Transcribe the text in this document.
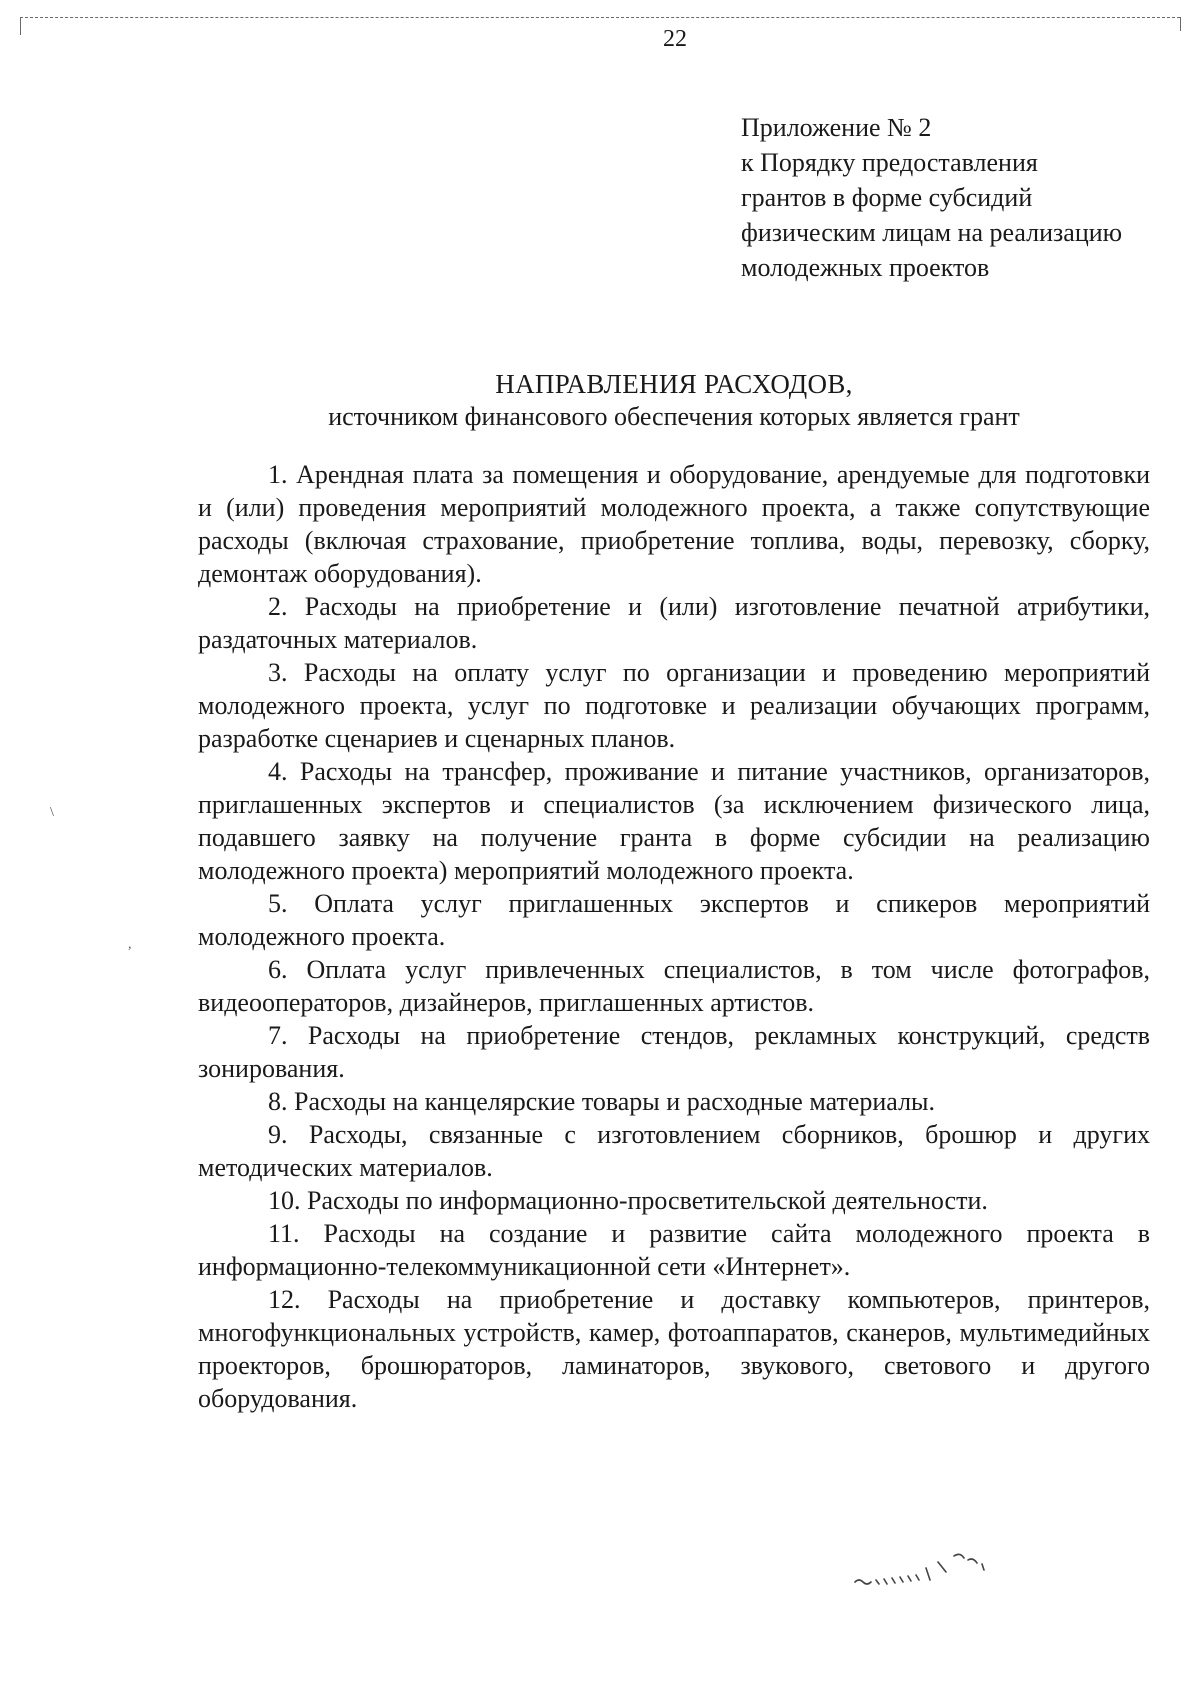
22
Приложение № 2
к Порядку предоставления
грантов в форме субсидий
физическим лицам на реализацию
молодежных проектов
НАПРАВЛЕНИЯ РАСХОДОВ,
источником финансового обеспечения которых является грант

1. Арендная плата за помещения и оборудование, арендуемые для подготовки и (или) проведения мероприятий молодежного проекта, а также сопутствующие расходы (включая страхование, приобретение топлива, воды, перевозку, сборку, демонтаж оборудования).

2. Расходы на приобретение и (или) изготовление печатной атрибутики, раздаточных материалов.

3. Расходы на оплату услуг по организации и проведению мероприятий молодежного проекта, услуг по подготовке и реализации обучающих программ, разработке сценариев и сценарных планов.

4. Расходы на трансфер, проживание и питание участников, организаторов, приглашенных экспертов и специалистов (за исключением физического лица, подавшего заявку на получение гранта в форме субсидии на реализацию молодежного проекта) мероприятий молодежного проекта.

5. Оплата услуг приглашенных экспертов и спикеров мероприятий молодежного проекта.

6. Оплата услуг привлеченных специалистов, в том числе фотографов, видеооператоров, дизайнеров, приглашенных артистов.

7. Расходы на приобретение стендов, рекламных конструкций, средств зонирования.

8. Расходы на канцелярские товары и расходные материалы.

9. Расходы, связанные с изготовлением сборников, брошюр и других методических материалов.

10. Расходы по информационно-просветительской деятельности.

11. Расходы на создание и развитие сайта молодежного проекта в информационно-телекоммуникационной сети «Интернет».

12. Расходы на приобретение и доставку компьютеров, принтеров, многофункциональных устройств, камер, фотоаппаратов, сканеров, мультимедийных проекторов, брошюраторов, ламинаторов, звукового, светового и другого оборудования.

\
,
